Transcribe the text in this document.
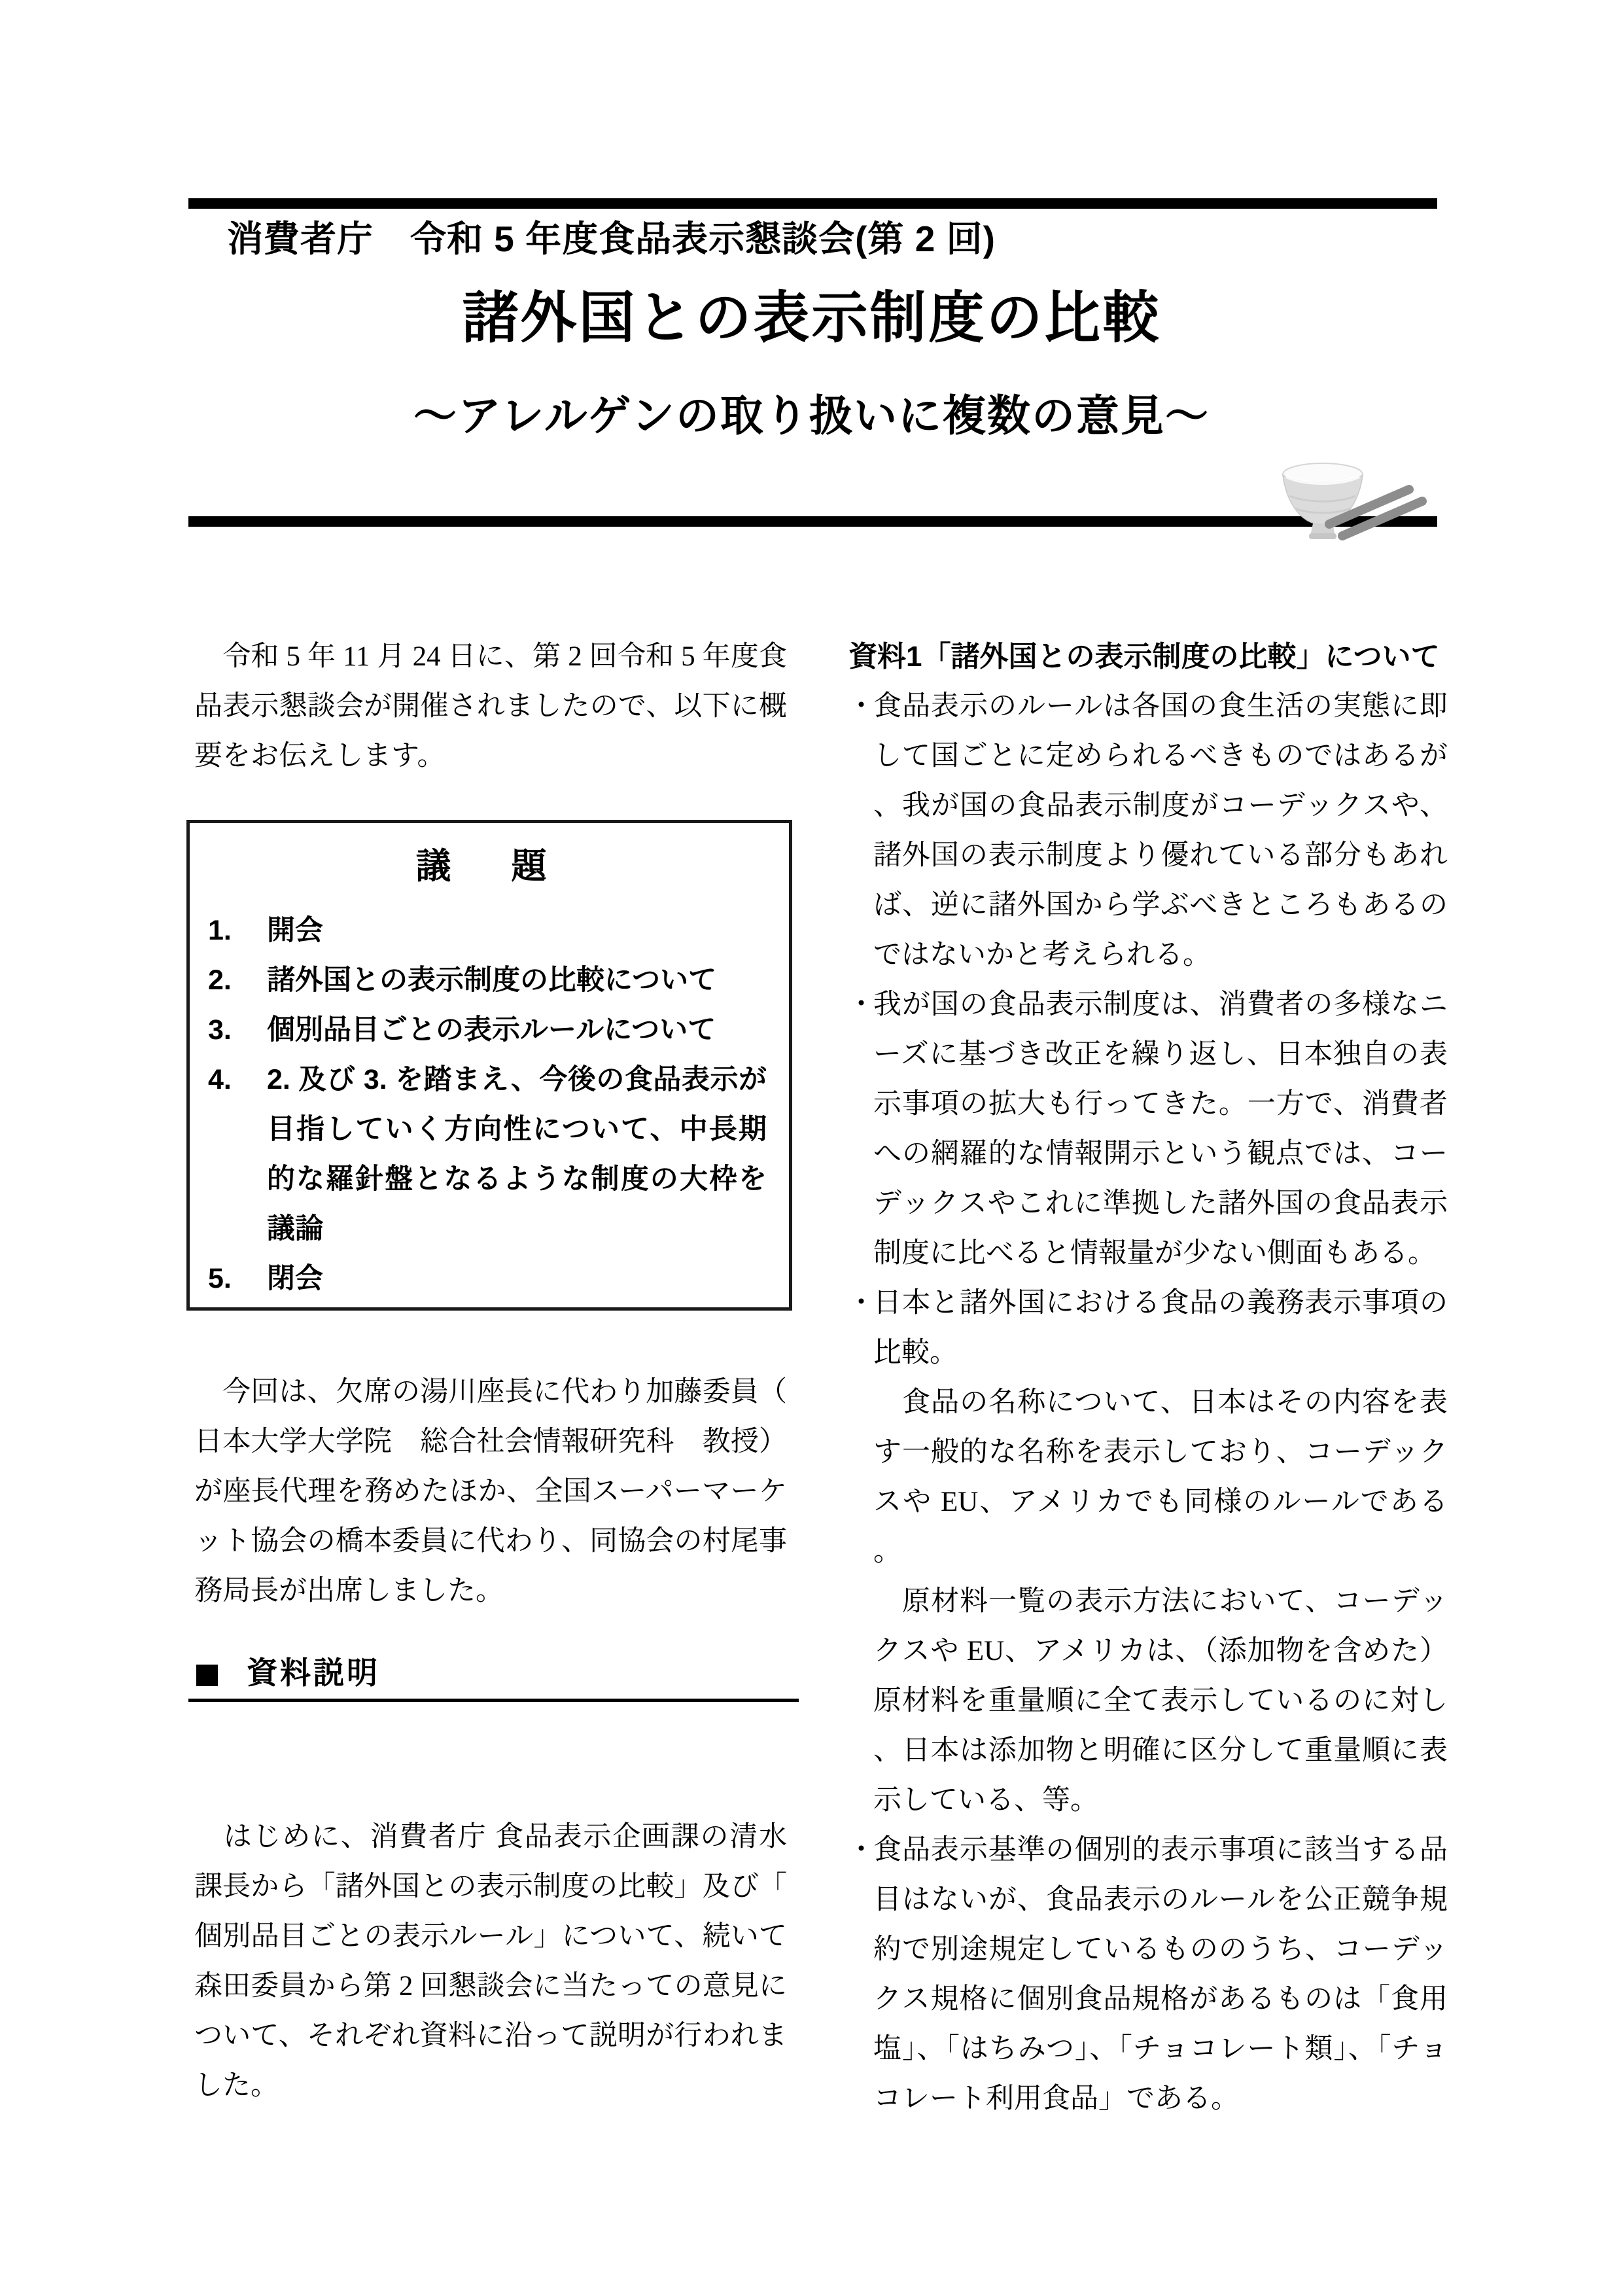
消費者庁　令和 5 年度食品表示懇談会(第 2 回)
諸外国との表示制度の比較
～アレルゲンの取り扱いに複数の意見～
　令和 5 年 11 月 24 日に、第 2 回令和 5 年度食品表示懇談会が開催されましたので、以下に概要をお伝えします。
議　題
1.	開会
2.	諸外国との表示制度の比較について
3.	個別品目ごとの表示ルールについて
4.	2. 及び 3. を踏まえ、今後の食品表示が目指していく方向性について、中長期的な羅針盤となるような制度の大枠を議論
5.	閉会
　今回は、欠席の湯川座長に代わり加藤委員（日本大学大学院　総合社会情報研究科　教授）が座長代理を務めたほか、全国スーパーマーケット協会の橋本委員に代わり、同協会の村尾事務局長が出席しました。
資料説明
　はじめに、消費者庁 食品表示企画課の清水課長から「諸外国との表示制度の比較」及び「個別品目ごとの表示ルール」について、続いて森田委員から第 2 回懇談会に当たっての意見について、それぞれ資料に沿って説明が行われました。
資料1「諸外国との表示制度の比較」について
・
食品表示のルールは各国の食生活の実態に即して国ごとに定められるべきものではあるが、我が国の食品表示制度がコーデックスや、諸外国の表示制度より優れている部分もあれば、逆に諸外国から学ぶべきところもあるのではないかと考えられる。
・
我が国の食品表示制度は、消費者の多様なニーズに基づき改正を繰り返し、日本独自の表示事項の拡大も行ってきた。一方で、消費者への網羅的な情報開示という観点では、コーデックスやこれに準拠した諸外国の食品表示制度に比べると情報量が少ない側面もある。
・
日本と諸外国における食品の義務表示事項の比較。
　食品の名称について、日本はその内容を表す一般的な名称を表示しており、コーデックスや EU、アメリカでも同様のルールである。
　原材料一覧の表示方法において、コーデックスや EU、アメリカは、（添加物を含めた）原材料を重量順に全て表示しているのに対し、日本は添加物と明確に区分して重量順に表示している、等。
・
食品表示基準の個別的表示事項に該当する品目はないが、食品表示のルールを公正競争規約で別途規定しているもののうち、コーデックス規格に個別食品規格があるものは「食用塩」、「はちみつ」、「チョコレート類」、「チョコレート利用食品」である。
